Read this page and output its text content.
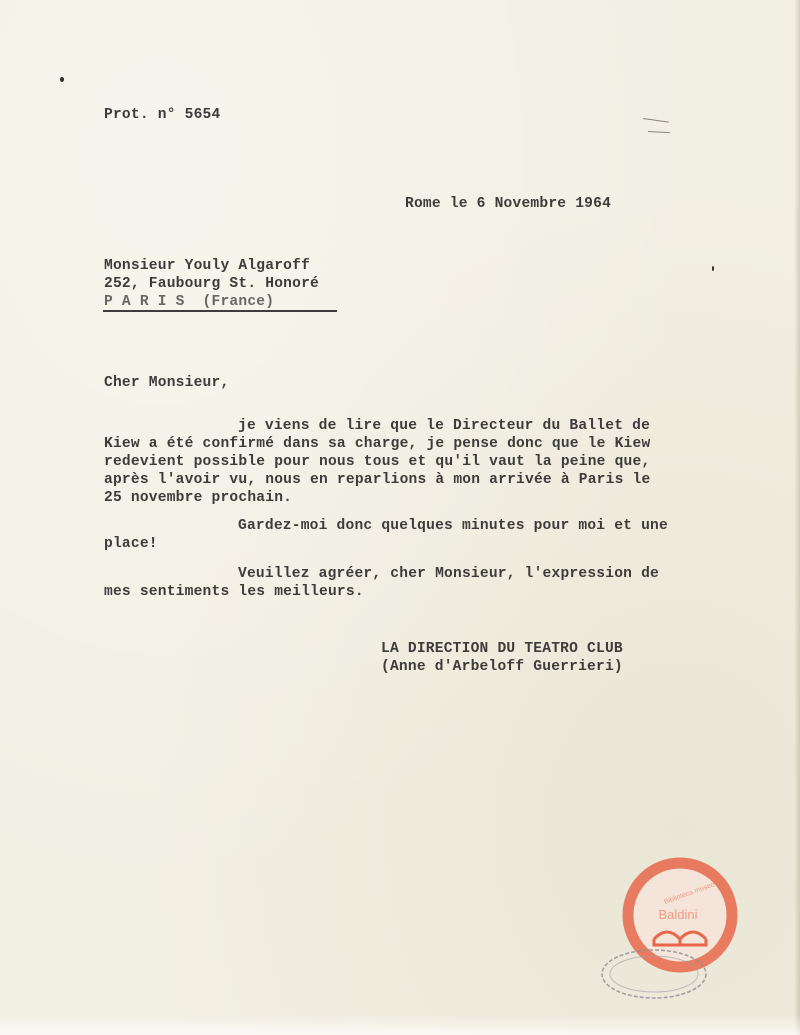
Prot. n° 5654
Rome le 6 Novembre 1964
Monsieur Youly Algaroff
252, Faubourg St. Honoré
P A R I S  (France)
Cher Monsieur,
je viens de lire que le Directeur du Ballet de
Kiew a été confirmé dans sa charge, je pense donc que le Kiew
redevient possible pour nous tous et qu'il vaut la peine que,
après l'avoir vu, nous en reparlions à mon arrivée à Paris le
25 novembre prochain.
Gardez-moi donc quelques minutes pour moi et une
place!
Veuillez agréer, cher Monsieur, l'expression de
mes sentiments les meilleurs.
LA DIRECTION DU TEATRO CLUB
(Anne d'Arbeloff Guerrieri)
Biblioteca museo
Baldini
